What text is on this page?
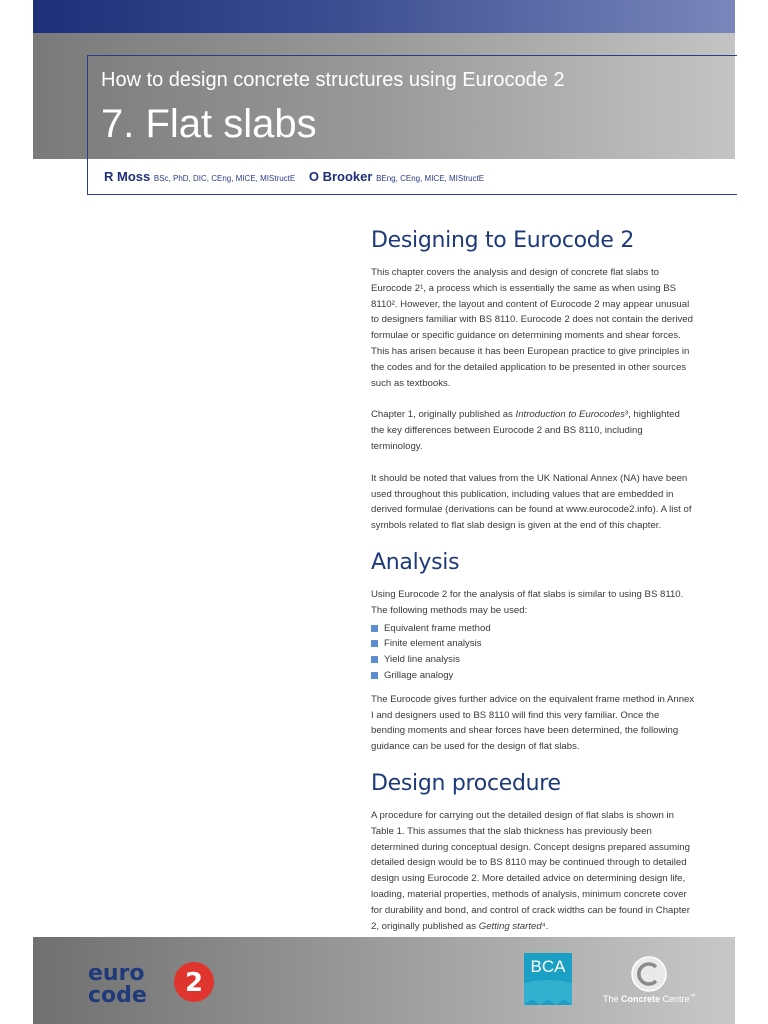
How to design concrete structures using Eurocode 2
7. Flat slabs
R Moss BSc, PhD, DIC, CEng, MICE, MIStructE O Brooker BEng, CEng, MICE, MIStructE
Designing to Eurocode 2

This chapter covers the analysis and design of concrete flat slabs to Eurocode 2¹, a process which is essentially the same as when using BS 8110². However, the layout and content of Eurocode 2 may appear unusual to designers familiar with BS 8110. Eurocode 2 does not contain the derived formulae or specific guidance on determining moments and shear forces. This has arisen because it has been European practice to give principles in the codes and for the detailed application to be presented in other sources such as textbooks.

Chapter 1, originally published as Introduction to Eurocodes³, highlighted the key differences between Eurocode 2 and BS 8110, including terminology.

It should be noted that values from the UK National Annex (NA) have been used throughout this publication, including values that are embedded in derived formulae (derivations can be found at www.eurocode2.info). A list of symbols related to flat slab design is given at the end of this chapter.

Analysis

Using Eurocode 2 for the analysis of flat slabs is similar to using BS 8110. The following methods may be used:

Equivalent frame method
Finite element analysis
Yield line analysis
Grillage analogy

The Eurocode gives further advice on the equivalent frame method in Annex I and designers used to BS 8110 will find this very familiar. Once the bending moments and shear forces have been determined, the following guidance can be used for the design of flat slabs.

Design procedure

A procedure for carrying out the detailed design of flat slabs is shown in Table 1. This assumes that the slab thickness has previously been determined during conceptual design. Concept designs prepared assuming detailed design would be to BS 8110 may be continued through to detailed design using Eurocode 2. More detailed advice on determining design life, loading, material properties, methods of analysis, minimum concrete cover for durability and bond, and control of crack widths can be found in Chapter 2, originally published as Getting started⁴.

euro
code 2
BCA
The Concrete Centre™
